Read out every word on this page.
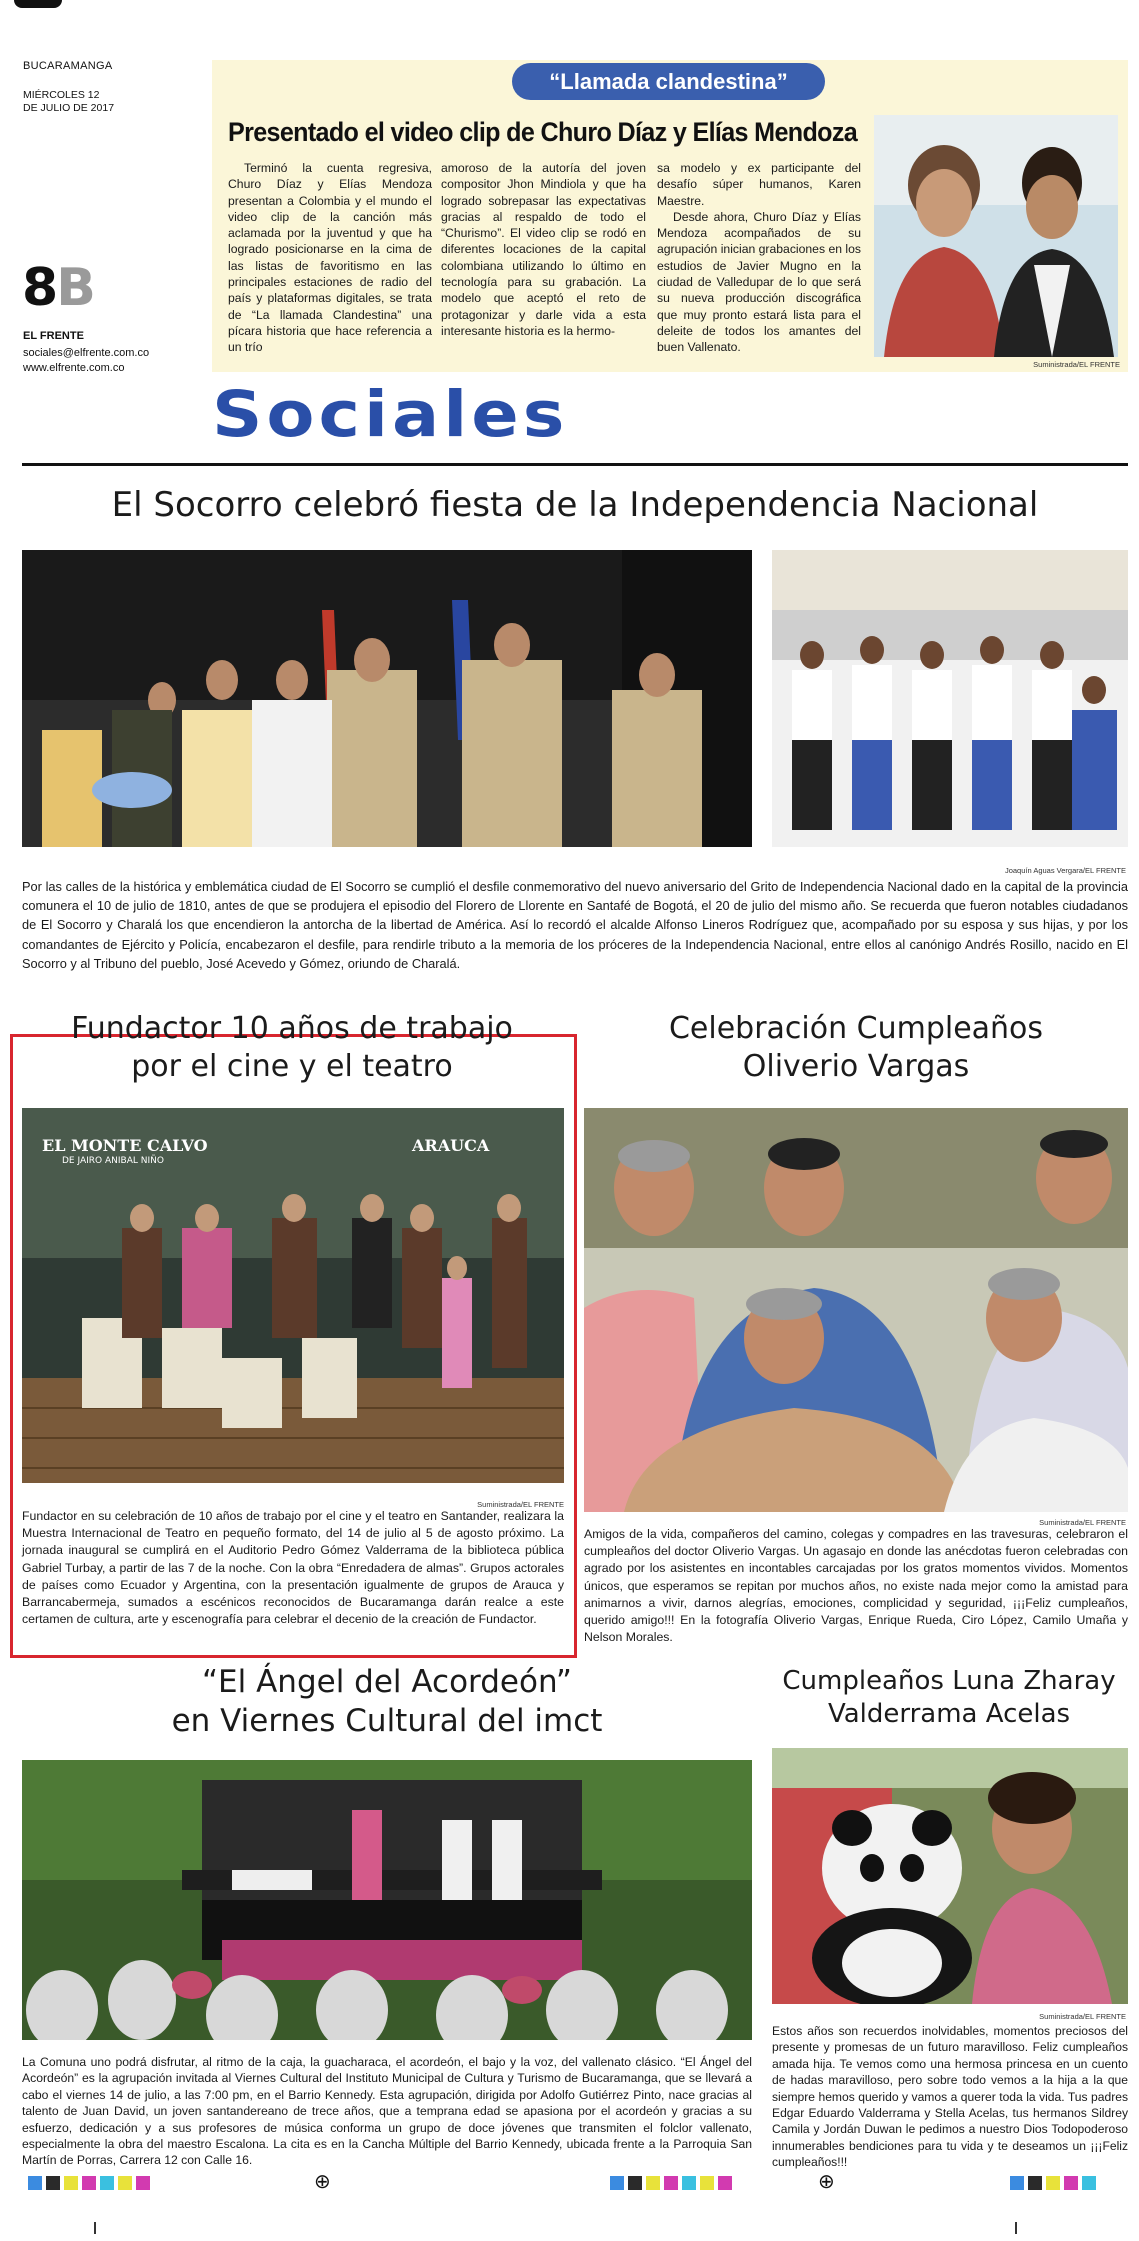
BUCARAMANGA
MIÉRCOLES 12
DE JULIO DE 2017
8B
EL FRENTE
sociales@elfrente.com.co
www.elfrente.com.co
“Llamada clandestina”
Presentado el video clip de Churo Díaz y Elías Mendoza
Terminó la cuenta regresiva, Churo Díaz y Elías Mendoza presentan a Colombia y el mundo el video clip de la canción más aclamada por la juventud y que ha logrado posicionarse en la cima de las listas de favoritismo en las principales estaciones de radio del país y plataformas digitales, se trata de “La llamada Clandestina” una pícara historia que hace referencia a un trío
amoroso de la autoría del joven compositor Jhon Mindiola y que ha logrado sobrepasar las expectativas gracias al respaldo de todo el “Churismo”. El video clip se rodó en diferentes locaciones de la capital colombiana utilizando lo último en tecnología para su grabación. La modelo que aceptó el reto de protagonizar y darle vida a esta interesante historia es la hermo-
sa modelo y ex participante del desafío súper humanos, Karen Maestre.
Desde ahora, Churo Díaz y Elías Mendoza acompañados de su agrupación inician grabaciones en los estudios de Javier Mugno en la ciudad de Valledupar de lo que será su nueva producción discográfica que muy pronto estará lista para el deleite de todos los amantes del buen Vallenato.
Suministrada/EL FRENTE
Sociales
El Socorro celebró fiesta de la Independencia Nacional
Joaquín Aguas Vergara/EL FRENTE
Por las calles de la histórica y emblemática ciudad de El Socorro se cumplió el desfile conmemorativo del nuevo aniversario del Grito de Independencia Nacional dado en la capital de la provincia comunera el 10 de julio de 1810, antes de que se produjera el episodio del Florero de Llorente en Santafé de Bogotá, el 20 de julio del mismo año. Se recuerda que fueron notables ciudadanos de El Socorro y Charalá los que encendieron la antorcha de la libertad de América. Así lo recordó el alcalde Alfonso Lineros Rodríguez que, acompañado por su esposa y sus hijas, y por los comandantes de Ejército y Policía, encabezaron el desfile, para rendirle tributo a la memoria de los próceres de la Independencia Nacional, entre ellos al canónigo Andrés Rosillo, nacido en El Socorro y al Tribuno del pueblo, José Acevedo y Gómez, oriundo de Charalá.
Fundactor 10 años de trabajo
por el cine y el teatro
EL MONTE CALVO
DE JAIRO ANIBAL NIÑO
ARAUCA
Suministrada/EL FRENTE
Fundactor en su celebración de 10 años de trabajo por el cine y el teatro en Santander, realizara la Muestra Internacional de Teatro en pequeño formato, del 14 de julio al 5 de agosto próximo. La jornada inaugural se cumplirá en el Auditorio Pedro Gómez Valderrama de la biblioteca pública Gabriel Turbay, a partir de las 7 de la noche. Con la obra “Enredadera de almas”. Grupos actorales de países como Ecuador y Argentina, con la presentación igualmente de grupos de Arauca y Barrancabermeja, sumados a escénicos reconocidos de Bucaramanga darán realce a este certamen de cultura, arte y escenografía para celebrar el decenio de la creación de Fundactor.
Celebración Cumpleaños
Oliverio Vargas
Suministrada/EL FRENTE
Amigos de la vida, compañeros del camino, colegas y compadres en las travesuras, celebraron el cumpleaños del doctor Oliverio Vargas. Un agasajo en donde las anécdotas fueron celebradas con agrado por los asistentes en incontables carcajadas por los gratos momentos vividos. Momentos únicos, que esperamos se repitan por muchos años, no existe nada mejor como la amistad para animarnos a vivir, darnos alegrías, emociones, complicidad y seguridad, ¡¡¡Feliz cumpleaños, querido amigo!!! En la fotografía Oliverio Vargas, Enrique Rueda, Ciro López, Camilo Umaña y Nelson Morales.
“El Ángel del Acordeón”
en Viernes Cultural del imct
La Comuna uno podrá disfrutar, al ritmo de la caja, la guacharaca, el acordeón, el bajo y la voz, del vallenato clásico. “El Ángel del Acordeón” es la agrupación invitada al Viernes Cultural del Instituto Municipal de Cultura y Turismo de Bucaramanga, que se llevará a cabo el viernes 14 de julio, a las 7:00 pm, en el Barrio Kennedy. Esta agrupación, dirigida por Adolfo Gutiérrez Pinto, nace gracias al talento de Juan David, un joven santandereano de trece años, que a temprana edad se apasiona por el acordeón y gracias a su esfuerzo, dedicación y a sus profesores de música conforma un grupo de doce jóvenes que transmiten el folclor vallenato, especialmente la obra del maestro Escalona. La cita es en la Cancha Múltiple del Barrio Kennedy, ubicada frente a la Parroquia San Martín de Porras, Carrera 12 con Calle 16.
Cumpleaños Luna Zharay
Valderrama Acelas
Suministrada/EL FRENTE
Estos años son recuerdos inolvidables, momentos preciosos del presente y promesas de un futuro maravilloso. Feliz cumpleaños amada hija. Te vemos como una hermosa princesa en un cuento de hadas maravilloso, pero sobre todo vemos a la hija a la que siempre hemos querido y vamos a querer toda la vida. Tus padres Edgar Eduardo Valderrama y Stella Acelas, tus hermanos Sildrey Camila y Jordán Duwan le pedimos a nuestro Dios Todopoderoso innumerables bendiciones para tu vida y te deseamos un ¡¡¡Feliz cumpleaños!!!
⊕	⊕
